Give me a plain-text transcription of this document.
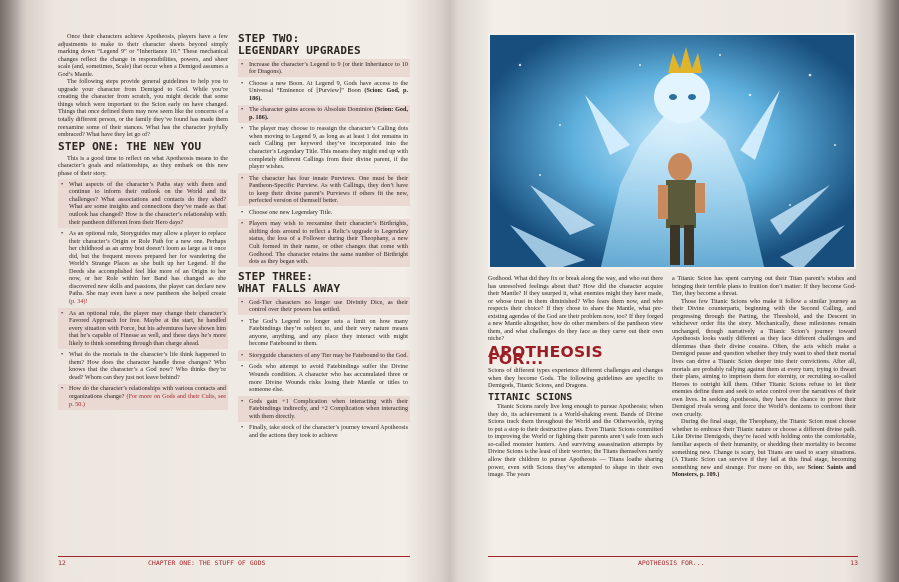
Once their characters achieve Apotheosis, players have a few adjustments to make to their character sheets beyond simply marking down “Legend 9” or “Inheritance 10.” These mechanical changes reflect the change in responsibilities, powers, and sheer scale (and, sometimes, Scale) that occur when a Demigod assumes a God’s Mantle.

The following steps provide general guidelines to help you to upgrade your character from Demigod to God. While you’re creating the character from scratch, you might decide that some things which were important to the Scion early on have changed. Things that once defined them may now seem like the concerns of a totally different person, or the family they’ve found has made them reexamine some of their stances. What has the character joyfully embraced? What have they let go of?

STEP ONE: THE NEW YOU

This is a good time to reflect on what Apotheosis means to the character’s goals and relationships, as they embark on this new phase of their story.

• What aspects of the character’s Paths stay with them and continue to inform their outlook on the World and its challenges? What associations and contacts do they shed? What are some insights and connections they’ve made as that outlook has changed? How is the character’s relationship with their pantheon different from their Hero days?
• As an optional rule, Storyguides may allow a player to replace their character’s Origin or Role Path for a new one. Perhaps her childhood as an army brat doesn’t loom as large as it once did, but the frequent moves prepared her for wandering the World’s Strange Places as she built up her Legend. If the Deeds she accomplished feel like more of an Origin to her now, or her Role within her Band has changed as she discovered new skills and passions, the player can declare new Paths. She may even have a new pantheon she helped create (p. 34)!
• As an optional rule, the player may change their character’s Favored Approach for free. Maybe at the start, he handled every situation with Force, but his adventures have shown him that he’s capable of Finesse as well, and these days he’s more likely to think something through than charge ahead.
• What do the mortals in the character’s life think happened to them? How does the character handle those changes? Who knows that the character’s a God now? Who thinks they’re dead? Whom can they just not leave behind?
• How do the character’s relationships with various contacts and organizations change? (For more on Gods and their Cults, see p. 50.)
STEP TWO:
LEGENDARY UPGRADES
• Increase the character’s Legend to 9 (or their Inheritance to 10 for Dragons).
• Choose a new Boon. At Legend 9, Gods have access to the Universal “Eminence of [Purview]” Boon (Scion: God, p. 186).
• The character gains access to Absolute Dominion (Scion: God, p. 186).
• The player may choose to reassign the character’s Calling dots when moving to Legend 9, as long as at least 1 dot remains in each Calling per keyword they’ve incorporated into the character’s Legendary Title. This means they might end up with completely different Callings from their divine parent, if the player wishes.
• The character has four innate Purviews. One must be their Pantheon-Specific Purview. As with Callings, they don’t have to keep their divine parent’s Purviews if others fit the new, perfected version of themself better.
• Choose one new Legendary Title.
• Players may wish to reexamine their character’s Birthrights, shifting dots around to reflect a Relic’s upgrade to Legendary status, the loss of a Follower during their Theophany, a new Cult formed in their name, or other changes that come with Godhood. The character retains the same number of Birthright dots as they began with.
STEP THREE:
WHAT FALLS AWAY
• God-Tier characters no longer use Divinity Dice, as their control over their powers has settled.
• The God’s Legend no longer sets a limit on how many Fatebindings they’re subject to, and their very nature means anyone, anything, and any place they interact with might become Fatebound to them.
• Storyguide characters of any Tier may be Fatebound to the God.
• Gods who attempt to avoid Fatebindings suffer the Divine Wounds condition. A character who has accumulated three or more Divine Wounds risks losing their Mantle or titles to someone else.
• Gods gain +1 Complication when interacting with their Fatebindings indirectly, and +2 Complication when interacting with them directly.
• Finally, take stock of the character’s journey toward Apotheosis and the actions they took to achieve
12	CHAPTER ONE: THE STUFF OF GODS

Godhood. What did they fix or break along the way, and who out there has unresolved feelings about that? How did the character acquire their Mantle? If they usurped it, what enemies might they have made, or whose trust in them diminished? Who fears them now, and who respects their choice? If they chose to share the Mantle, what pre-existing agendas of the God are their problem now, too? If they forged a new Mantle altogether, how do other members of the pantheon view them, and what challenges do they face as they carve out their own niche?

APOTHEOSIS FOR...

Scions of different types experience different challenges and changes when they become Gods. The following guidelines are specific to Demigods, Titanic Scions, and Dragons.

TITANIC SCIONS

Titanic Scions rarely live long enough to pursue Apotheosis; when they do, its achievement is a World-shaking event. Bands of Divine Scions track them throughout the World and the Otherworlds, trying to put a stop to their destructive plans. Even Titanic Scions committed to improving the World or fighting their parents aren’t safe from such so-called monster hunters. And surviving assassination attempts by Divine Scions is the least of their worries; the Titans themselves rarely allow their children to pursue Apotheosis — Titans loathe sharing power, even with Scions they’ve attempted to shape in their own image. The years

a Titanic Scion has spent carrying out their Titan parent’s wishes and bringing their terrible plans to fruition don’t matter: If they become God-Tier, they become a threat.

Those few Titanic Scions who make it follow a similar journey as their Divine counterparts, beginning with the Second Calling, and progressing through the Parting, the Threshold, and the Descent in whichever order fits the story. Mechanically, these milestones remain unchanged, though narratively a Titanic Scion’s journey toward Apotheosis looks vastly different as they face different challenges and dilemmas than their divine cousins. Often, the acts which make a Demigod pause and question whether they truly want to shed their mortal lives can drive a Titanic Scion deeper into their convictions. After all, mortals are probably rallying against them at every turn, trying to thwart their plans, aiming to imprison them for eternity, or recruiting so-called Heroes to outright kill them. Other Titanic Scions refuse to let their enemies define them and seek to seize control over the narratives of their own lives. In seeking Apotheosis, they have the chance to prove their Demigod rivals wrong and force the World’s denizens to confront their own cruelty.

During the final stage, the Theophany, the Titanic Scion must choose whether to embrace their Titanic nature or choose a different divine path. Like Divine Demigods, they’re faced with holding onto the comfortable, familiar aspects of their humanity, or shedding their mortality to become something new. Change is scary, but Titans are used to scary situations. (A Titanic Scion can survive if they fail at this final stage, becoming something new and strange. For more on this, see Scion: Saints and Monsters, p. 109.)

APOTHEOSIS FOR...	13
